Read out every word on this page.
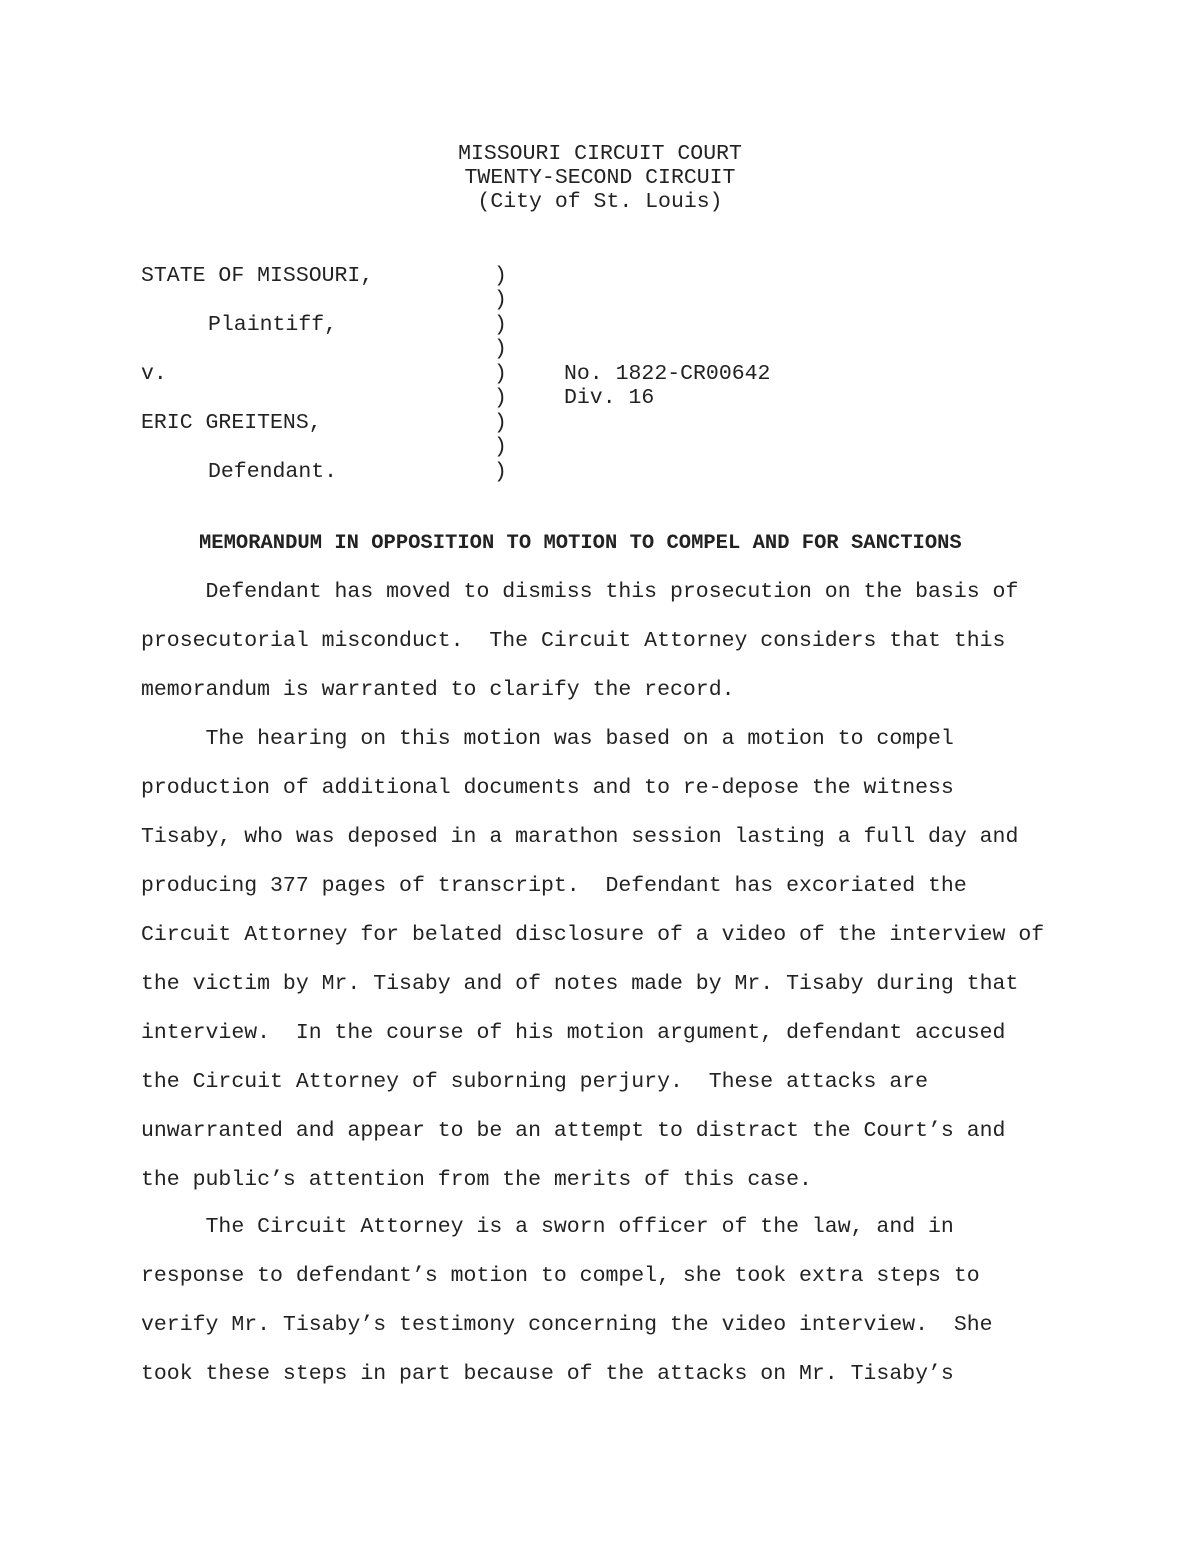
MISSOURI CIRCUIT COURT
TWENTY-SECOND CIRCUIT
(City of St. Louis)
STATE OF MISSOURI,
Plaintiff,
v.
ERIC GREITENS,
Defendant.
)
)
)
)
)
)
)
)
)
No. 1822-CR00642
Div. 16
MEMORANDUM IN OPPOSITION TO MOTION TO COMPEL AND FOR SANCTIONS
Defendant has moved to dismiss this prosecution on the basis of
prosecutorial misconduct.  The Circuit Attorney considers that this
memorandum is warranted to clarify the record.
The hearing on this motion was based on a motion to compel
production of additional documents and to re-depose the witness
Tisaby, who was deposed in a marathon session lasting a full day and
producing 377 pages of transcript.  Defendant has excoriated the
Circuit Attorney for belated disclosure of a video of the interview of
the victim by Mr. Tisaby and of notes made by Mr. Tisaby during that
interview.  In the course of his motion argument, defendant accused
the Circuit Attorney of suborning perjury.  These attacks are
unwarranted and appear to be an attempt to distract the Court’s and
the public’s attention from the merits of this case.
The Circuit Attorney is a sworn officer of the law, and in
response to defendant’s motion to compel, she took extra steps to
verify Mr. Tisaby’s testimony concerning the video interview.  She
took these steps in part because of the attacks on Mr. Tisaby’s
